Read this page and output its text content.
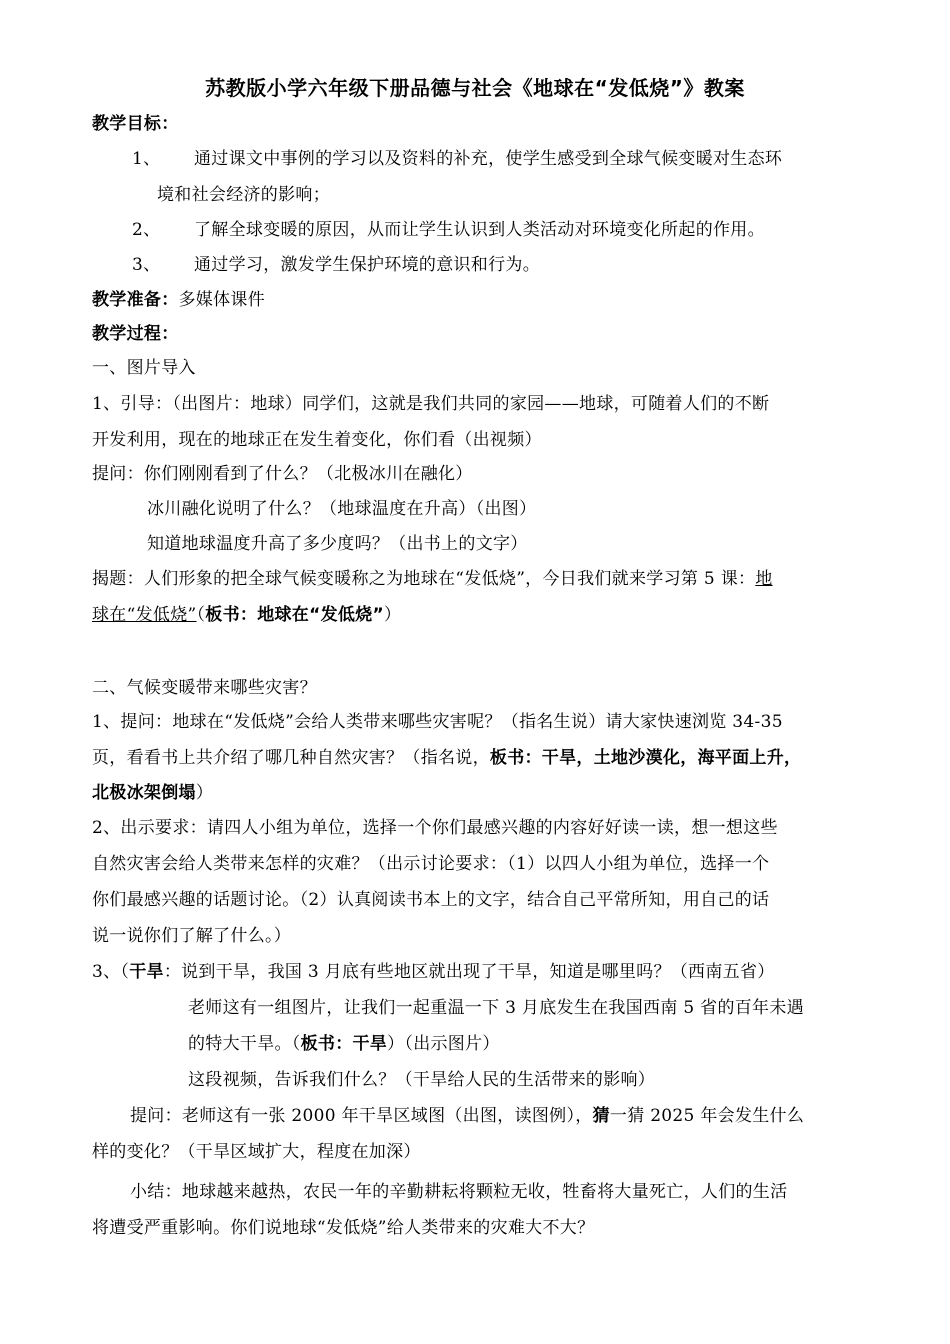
苏教版小学六年级下册品德与社会《地球在“发低烧”》教案
教学目标：
1、 通过课文中事例的学习以及资料的补充，使学生感受到全球气候变暖对生态环
境和社会经济的影响；
2、 了解全球变暖的原因，从而让学生认识到人类活动对环境变化所起的作用。
3、 通过学习，激发学生保护环境的意识和行为。
教学准备：多媒体课件
教学过程：
一、图片导入
1、引导：（出图片：地球）同学们，这就是我们共同的家园——地球，可随着人们的不断
开发利用，现在的地球正在发生着变化，你们看（出视频）
提问：你们刚刚看到了什么？（北极冰川在融化）
冰川融化说明了什么？（地球温度在升高）（出图）
知道地球温度升高了多少度吗？（出书上的文字）
揭题：人们形象的把全球气候变暖称之为地球在“发低烧”，今日我们就来学习第 5 课：地
球在“发低烧”（板书：地球在“发低烧”）
二、气候变暖带来哪些灾害？
1、提问：地球在“发低烧”会给人类带来哪些灾害呢？（指名生说）请大家快速浏览 34-35
页，看看书上共介绍了哪几种自然灾害？（指名说，板书：干旱，土地沙漠化，海平面上升，
北极冰架倒塌）
2、出示要求：请四人小组为单位，选择一个你们最感兴趣的内容好好读一读，想一想这些
自然灾害会给人类带来怎样的灾难？（出示讨论要求：（1）以四人小组为单位，选择一个
你们最感兴趣的话题讨论。（2）认真阅读书本上的文字，结合自己平常所知，用自己的话
说一说你们了解了什么。）
3、（干旱：说到干旱，我国 3 月底有些地区就出现了干旱，知道是哪里吗？（西南五省）
老师这有一组图片，让我们一起重温一下 3 月底发生在我国西南 5 省的百年未遇
的特大干旱。（板书：干旱）（出示图片）
这段视频，告诉我们什么？（干旱给人民的生活带来的影响）
提问：老师这有一张 2000 年干旱区域图（出图，读图例），猜一猜 2025 年会发生什么
样的变化？（干旱区域扩大，程度在加深）
小结：地球越来越热，农民一年的辛勤耕耘将颗粒无收，牲畜将大量死亡，人们的生活
将遭受严重影响。你们说地球“发低烧”给人类带来的灾难大不大？
